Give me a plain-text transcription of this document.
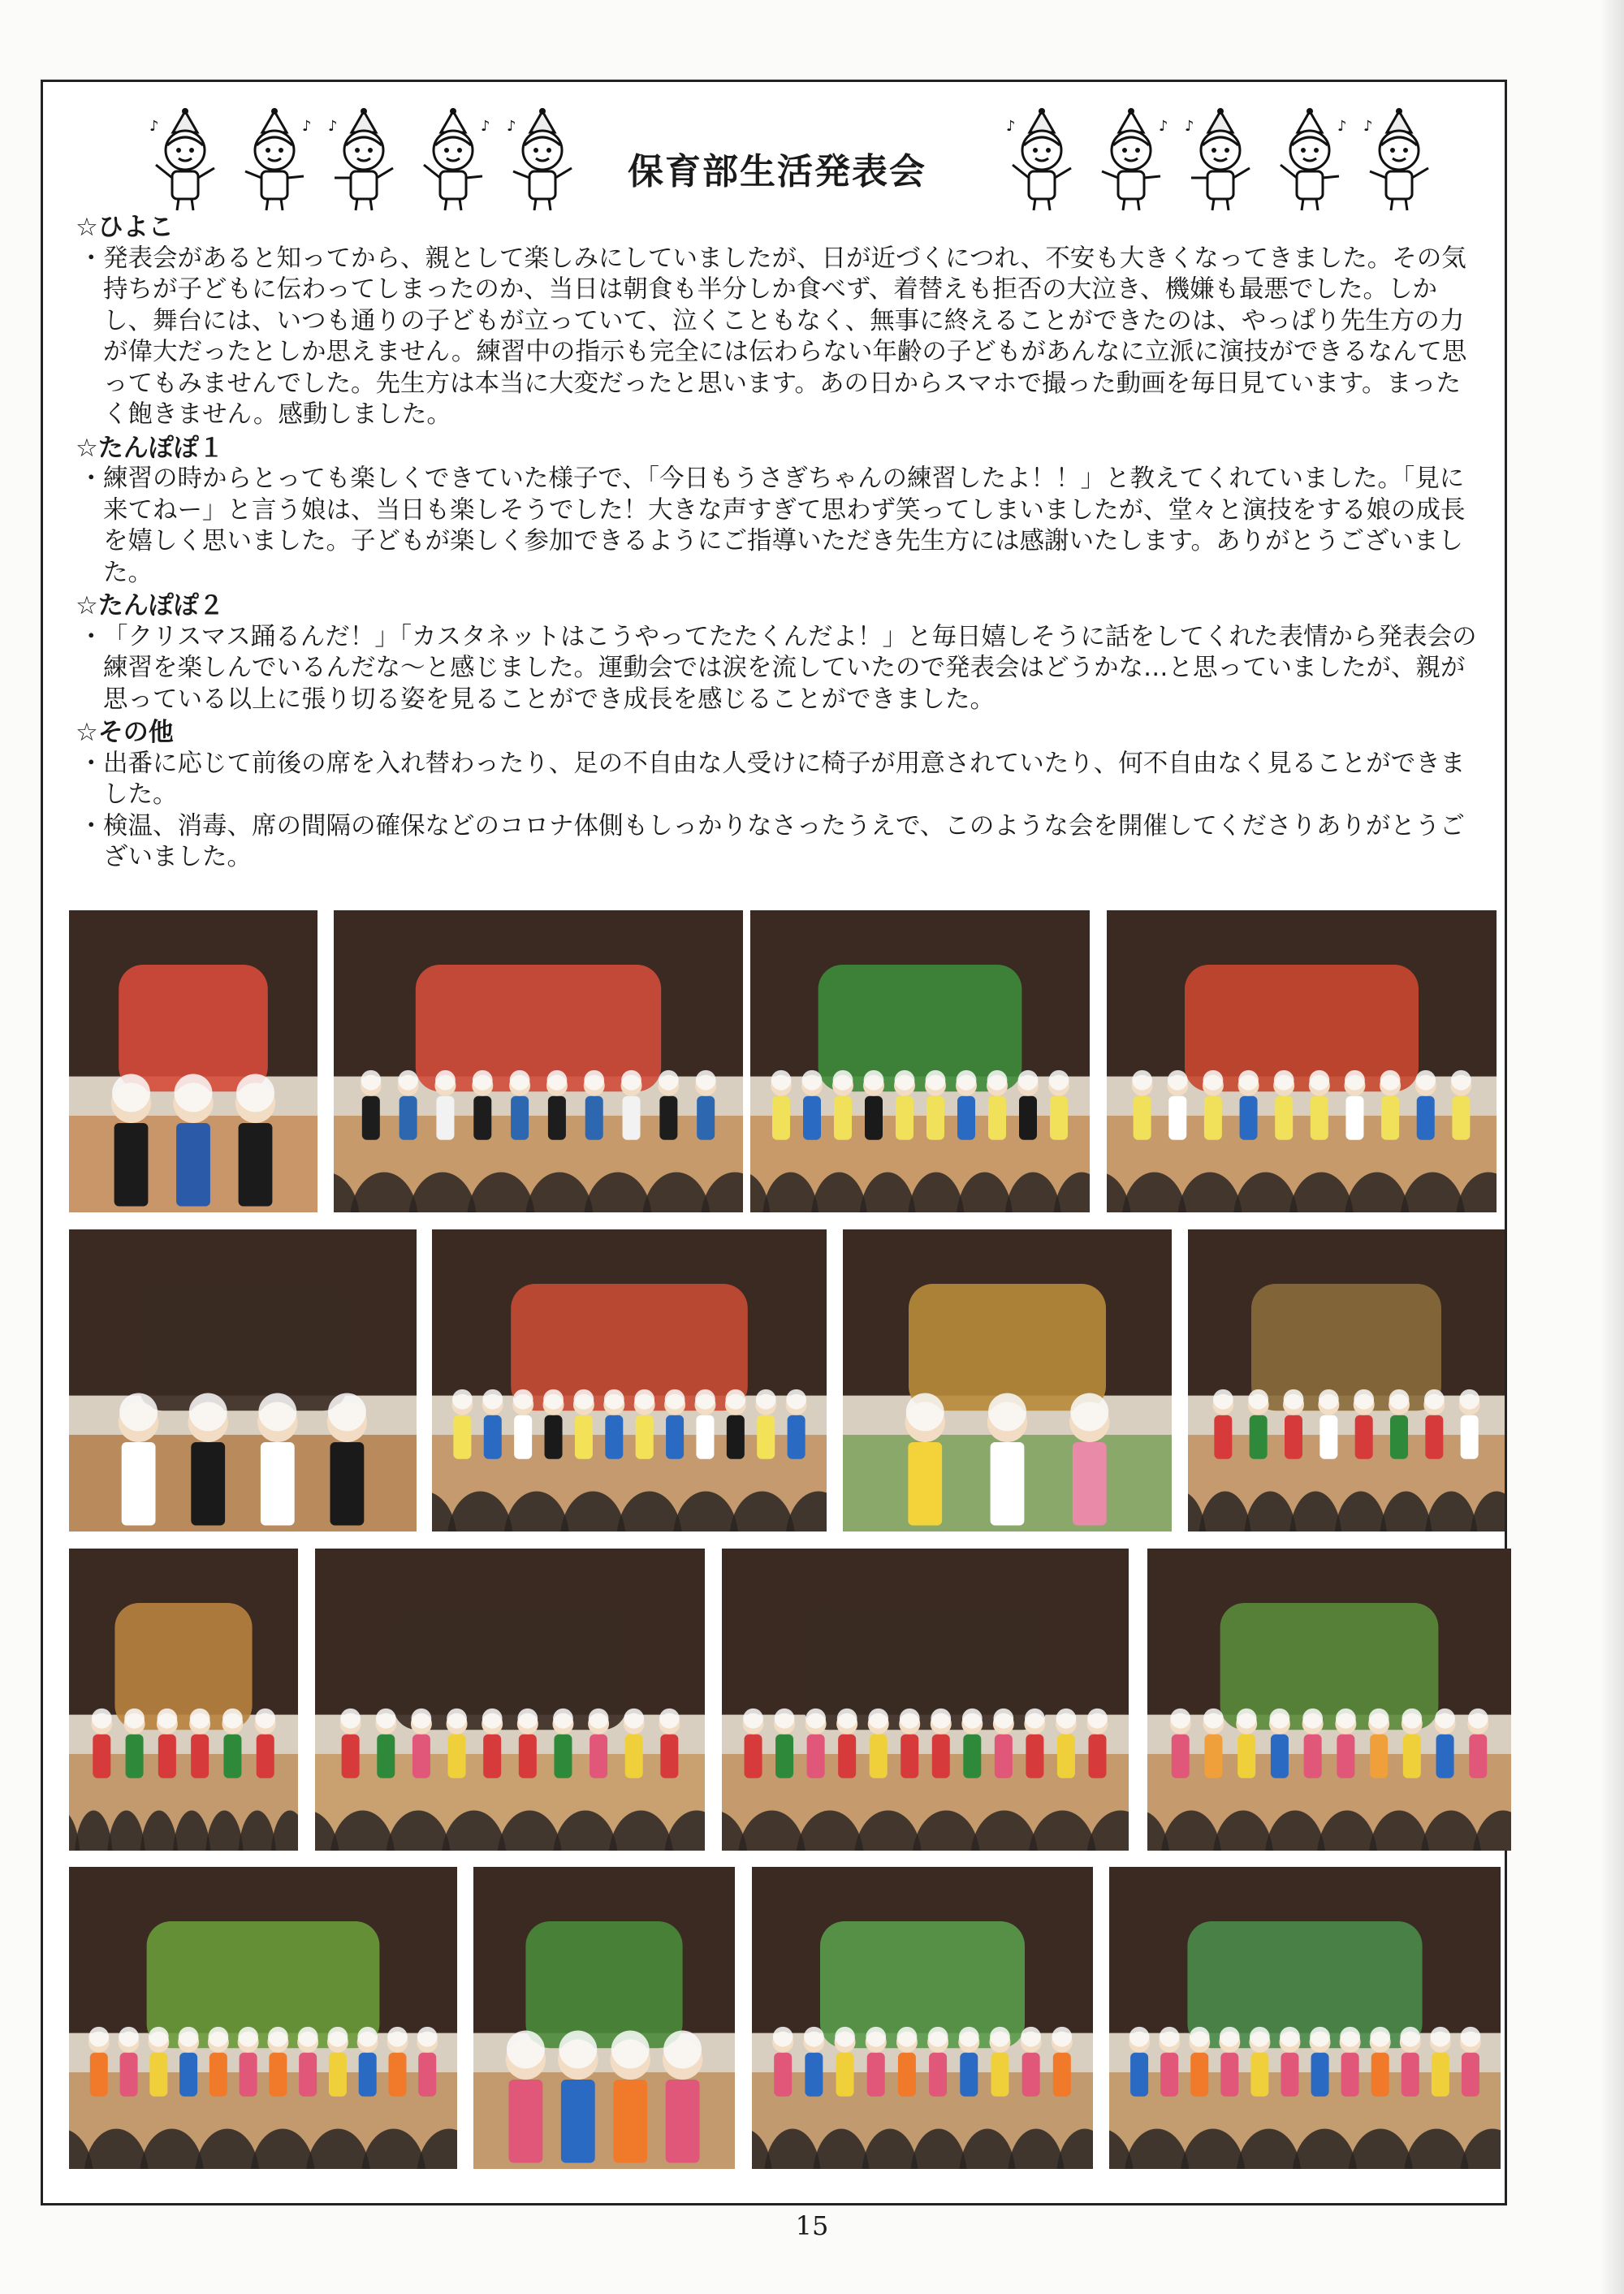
♪	♪ ♪	♪ ♪
保育部生活発表会
♪	♪ ♪	♪ ♪
☆ひよこ
・ 発表会があると知ってから、親として楽しみにしていましたが、日が近づくにつれ、不安も大きくなってきました。その気持ちが子どもに伝わってしまったのか、当日は朝食も半分しか食べず、着替えも拒否の大泣き、機嫌も最悪でした。しかし、舞台には、いつも通りの子どもが立っていて、泣くこともなく、無事に終えることができたのは、やっぱり先生方の力が偉大だったとしか思えません。練習中の指示も完全には伝わらない年齢の子どもがあんなに立派に演技ができるなんて思ってもみませんでした。先生方は本当に大変だったと思います。あの日からスマホで撮った動画を毎日見ています。まったく飽きません。感動しました。
☆たんぽぽ１
・ 練習の時からとっても楽しくできていた様子で、「今日もうさぎちゃんの練習したよ！！」と教えてくれていました。「見に来てねー」と言う娘は、当日も楽しそうでした！大きな声すぎて思わず笑ってしまいましたが、堂々と演技をする娘の成長を嬉しく思いました。子どもが楽しく参加できるようにご指導いただき先生方には感謝いたします。ありがとうございました。
☆たんぽぽ２
・ 「クリスマス踊るんだ！」「カスタネットはこうやってたたくんだよ！」と毎日嬉しそうに話をしてくれた表情から発表会の練習を楽しんでいるんだな～と感じました。運動会では涙を流していたので発表会はどうかな…と思っていましたが、親が思っている以上に張り切る姿を見ることができ成長を感じることができました。
☆その他
・ 出番に応じて前後の席を入れ替わったり、足の不自由な人受けに椅子が用意されていたり、何不自由なく見ることができました。
・ 検温、消毒、席の間隔の確保などのコロナ体側もしっかりなさったうえで、このような会を開催してくださりありがとうございました。
15
